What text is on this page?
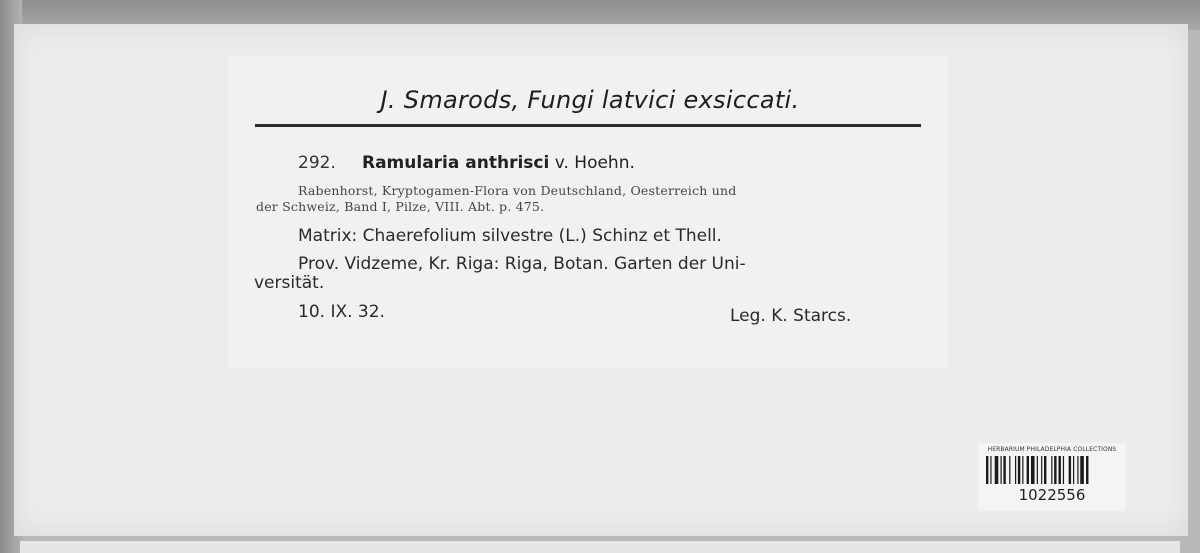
J. Smarods, Fungi latvici exsiccati.
292. Ramularia anthrisci v. Hoehn.
Rabenhorst, Kryptogamen-Flora von Deutschland, Oesterreich und
der Schweiz, Band I, Pilze, VIII. Abt. p. 475.
Matrix: Chaerefolium silvestre (L.) Schinz et Thell.
Prov. Vidzeme, Kr. Riga: Riga, Botan. Garten der Uni-
versität.
10. IX. 32.	Leg. K. Starcs.
HERBARIUM PHILADELPHIA COLLECTIONS
1022556
